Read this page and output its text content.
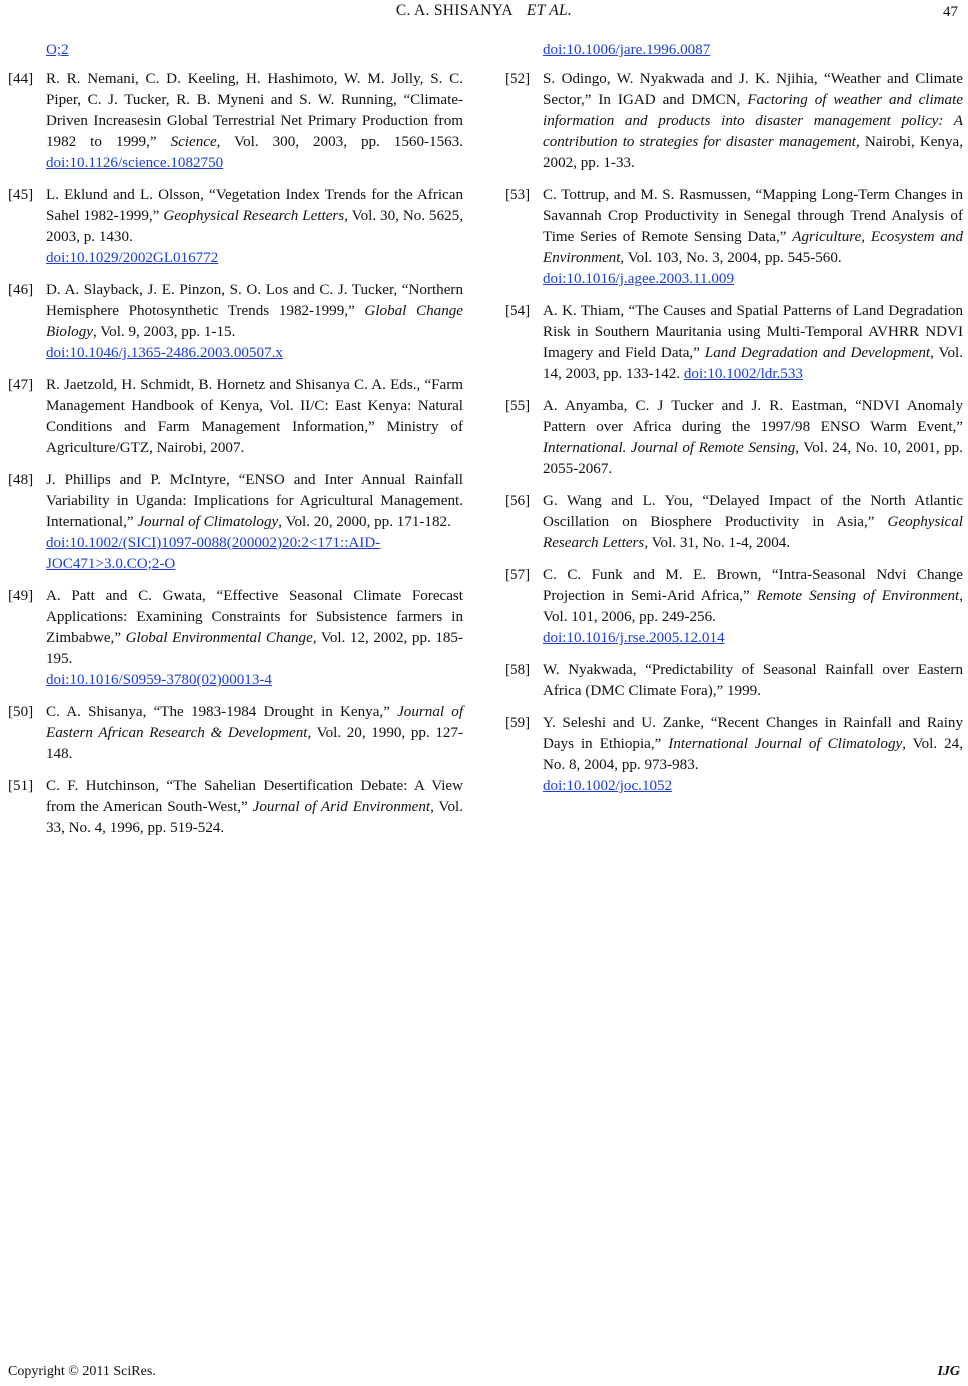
C. A. SHISANYA ET AL.	47
O;2
[44] R. R. Nemani, C. D. Keeling, H. Hashimoto, W. M. Jolly, S. C. Piper, C. J. Tucker, R. B. Myneni and S. W. Running, “Climate-Driven Increasesin Global Terrestrial Net Primary Production from 1982 to 1999,” Science, Vol. 300, 2003, pp. 1560-1563. doi:10.1126/science.1082750
[45] L. Eklund and L. Olsson, “Vegetation Index Trends for the African Sahel 1982-1999,” Geophysical Research Letters, Vol. 30, No. 5625, 2003, p. 1430.
doi:10.1029/2002GL016772
[46] D. A. Slayback, J. E. Pinzon, S. O. Los and C. J. Tucker, “Northern Hemisphere Photosynthetic Trends 1982-1999,” Global Change Biology, Vol. 9, 2003, pp. 1-15.
doi:10.1046/j.1365-2486.2003.00507.x
[47] R. Jaetzold, H. Schmidt, B. Hornetz and Shisanya C. A. Eds., “Farm Management Handbook of Kenya, Vol. II/C: East Kenya: Natural Conditions and Farm Management Information,” Ministry of Agriculture/GTZ, Nairobi, 2007.
[48] J. Phillips and P. McIntyre, “ENSO and Inter Annual Rainfall Variability in Uganda: Implications for Agricultural Management. International,” Journal of Climatology, Vol. 20, 2000, pp. 171-182.
doi:10.1002/(SICI)1097-0088(200002)20:2<171::AID-JOC471>3.0.CO;2-O
[49] A. Patt and C. Gwata, “Effective Seasonal Climate Forecast Applications: Examining Constraints for Subsistence farmers in Zimbabwe,” Global Environmental Change, Vol. 12, 2002, pp. 185-195.
doi:10.1016/S0959-3780(02)00013-4
[50] C. A. Shisanya, “The 1983-1984 Drought in Kenya,” Journal of Eastern African Research & Development, Vol. 20, 1990, pp. 127-148.
[51] C. F. Hutchinson, “The Sahelian Desertification Debate: A View from the American South-West,” Journal of Arid Environment, Vol. 33, No. 4, 1996, pp. 519-524.
doi:10.1006/jare.1996.0087
[52] S. Odingo, W. Nyakwada and J. K. Njihia, “Weather and Climate Sector,” In IGAD and DMCN, Factoring of weather and climate information and products into disaster management policy: A contribution to strategies for disaster management, Nairobi, Kenya, 2002, pp. 1-33.
[53] C. Tottrup, and M. S. Rasmussen, “Mapping Long-Term Changes in Savannah Crop Productivity in Senegal through Trend Analysis of Time Series of Remote Sensing Data,” Agriculture, Ecosystem and Environment, Vol. 103, No. 3, 2004, pp. 545-560.
doi:10.1016/j.agee.2003.11.009
[54] A. K. Thiam, “The Causes and Spatial Patterns of Land Degradation Risk in Southern Mauritania using Multi-Temporal AVHRR NDVI Imagery and Field Data,” Land Degradation and Development, Vol. 14, 2003, pp. 133-142. doi:10.1002/ldr.533
[55] A. Anyamba, C. J Tucker and J. R. Eastman, “NDVI Anomaly Pattern over Africa during the 1997/98 ENSO Warm Event,” International. Journal of Remote Sensing, Vol. 24, No. 10, 2001, pp. 2055-2067.
[56] G. Wang and L. You, “Delayed Impact of the North Atlantic Oscillation on Biosphere Productivity in Asia,” Geophysical Research Letters, Vol. 31, No. 1-4, 2004.
[57] C. C. Funk and M. E. Brown, “Intra-Seasonal Ndvi Change Projection in Semi-Arid Africa,” Remote Sensing of Environment, Vol. 101, 2006, pp. 249-256.
doi:10.1016/j.rse.2005.12.014
[58] W. Nyakwada, “Predictability of Seasonal Rainfall over Eastern Africa (DMC Climate Fora),” 1999.
[59] Y. Seleshi and U. Zanke, “Recent Changes in Rainfall and Rainy Days in Ethiopia,” International Journal of Climatology, Vol. 24, No. 8, 2004, pp. 973-983.
doi:10.1002/joc.1052
Copyright © 2011 SciRes.	IJG
